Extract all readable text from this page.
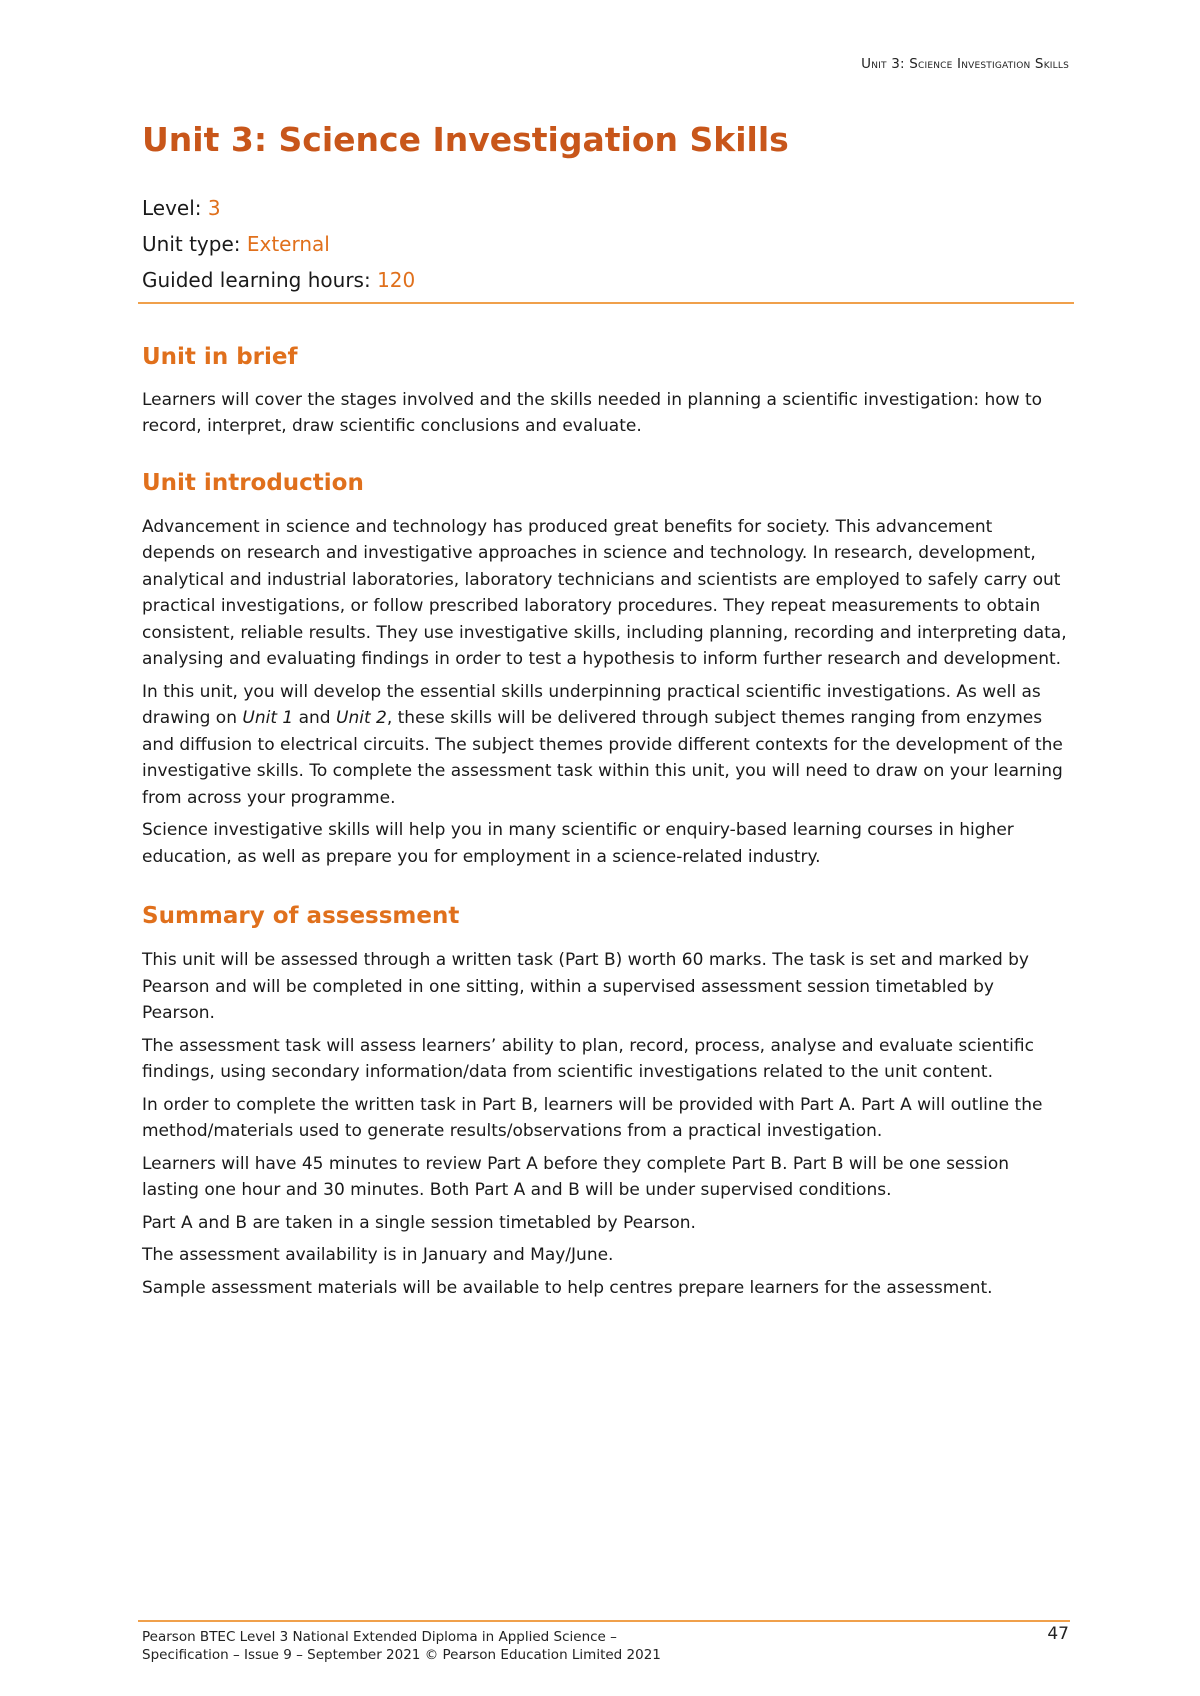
Unit 3: Science Investigation Skills
Unit 3: Science Investigation Skills
Level: 3
Unit type: External
Guided learning hours: 120
Unit in brief

Learners will cover the stages involved and the skills needed in planning a scientific investigation: how to record, interpret, draw scientific conclusions and evaluate.

Unit introduction

Advancement in science and technology has produced great benefits for society. This advancement depends on research and investigative approaches in science and technology. In research, development, analytical and industrial laboratories, laboratory technicians and scientists are employed to safely carry out practical investigations, or follow prescribed laboratory procedures. They repeat measurements to obtain consistent, reliable results. They use investigative skills, including planning, recording and interpreting data, analysing and evaluating findings in order to test a hypothesis to inform further research and development.

In this unit, you will develop the essential skills underpinning practical scientific investigations. As well as drawing on Unit 1 and Unit 2, these skills will be delivered through subject themes ranging from enzymes and diffusion to electrical circuits. The subject themes provide different contexts for the development of the investigative skills. To complete the assessment task within this unit, you will need to draw on your learning from across your programme.

Science investigative skills will help you in many scientific or enquiry-based learning courses in higher education, as well as prepare you for employment in a science-related industry.

Summary of assessment

This unit will be assessed through a written task (Part B) worth 60 marks. The task is set and marked by Pearson and will be completed in one sitting, within a supervised assessment session timetabled by Pearson.

The assessment task will assess learners’ ability to plan, record, process, analyse and evaluate scientific findings, using secondary information/data from scientific investigations related to the unit content.

In order to complete the written task in Part B, learners will be provided with Part A. Part A will outline the method/materials used to generate results/observations from a practical investigation.

Learners will have 45 minutes to review Part A before they complete Part B. Part B will be one session lasting one hour and 30 minutes. Both Part A and B will be under supervised conditions.

Part A and B are taken in a single session timetabled by Pearson.

The assessment availability is in January and May/June.

Sample assessment materials will be available to help centres prepare learners for the assessment.

Pearson BTEC Level 3 National Extended Diploma in Applied Science –
Specification – Issue 9 – September 2021 © Pearson Education Limited 2021
47
